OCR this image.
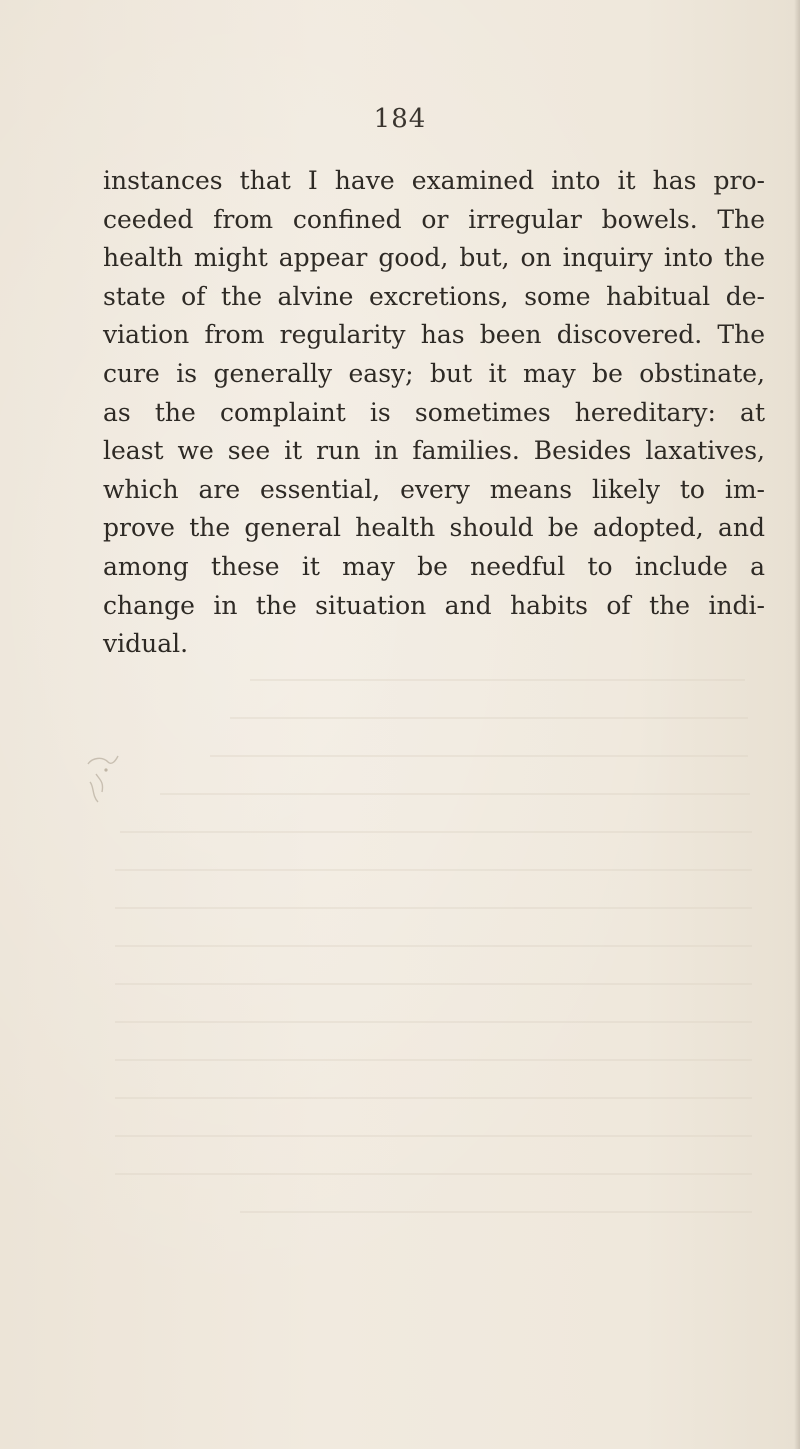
184
instances that I have examined into it has pro-
ceeded from confined or irregular bowels. The
health might appear good, but, on inquiry into the
state of the alvine excretions, some habitual de-
viation from regularity has been discovered. The
cure is generally easy; but it may be obstinate,
as the complaint is sometimes hereditary: at
least we see it run in families. Besides laxatives,
which are essential, every means likely to im-
prove the general health should be adopted, and
among these it may be needful to include a
change in the situation and habits of the indi-
vidual.
